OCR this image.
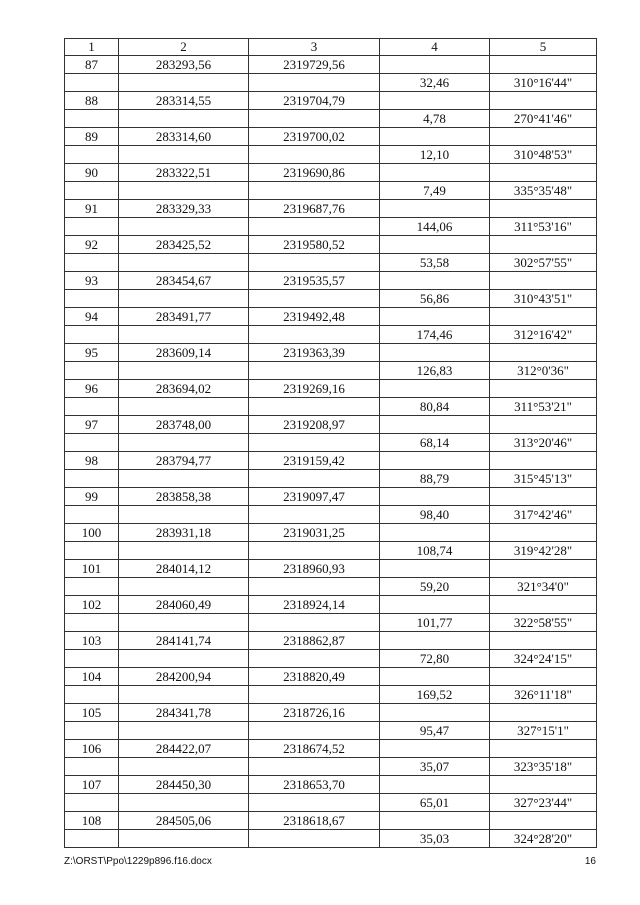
1	2	3	4	5
87	283293,56	2319729,56		
			32,46	310°16'44"
88	283314,55	2319704,79		
			4,78	270°41'46"
89	283314,60	2319700,02		
			12,10	310°48'53"
90	283322,51	2319690,86		
			7,49	335°35'48"
91	283329,33	2319687,76		
			144,06	311°53'16"
92	283425,52	2319580,52		
			53,58	302°57'55"
93	283454,67	2319535,57		
			56,86	310°43'51"
94	283491,77	2319492,48		
			174,46	312°16'42"
95	283609,14	2319363,39		
			126,83	312°0'36"
96	283694,02	2319269,16		
			80,84	311°53'21"
97	283748,00	2319208,97		
			68,14	313°20'46"
98	283794,77	2319159,42		
			88,79	315°45'13"
99	283858,38	2319097,47		
			98,40	317°42'46"
100	283931,18	2319031,25		
			108,74	319°42'28"
101	284014,12	2318960,93		
			59,20	321°34'0"
102	284060,49	2318924,14		
			101,77	322°58'55"
103	284141,74	2318862,87		
			72,80	324°24'15"
104	284200,94	2318820,49		
			169,52	326°11'18"
105	284341,78	2318726,16		
			95,47	327°15'1"
106	284422,07	2318674,52		
			35,07	323°35'18"
107	284450,30	2318653,70		
			65,01	327°23'44"
108	284505,06	2318618,67		
			35,03	324°28'20"
Z:\ORST\Ppo\1229p896.f16.docx	16
